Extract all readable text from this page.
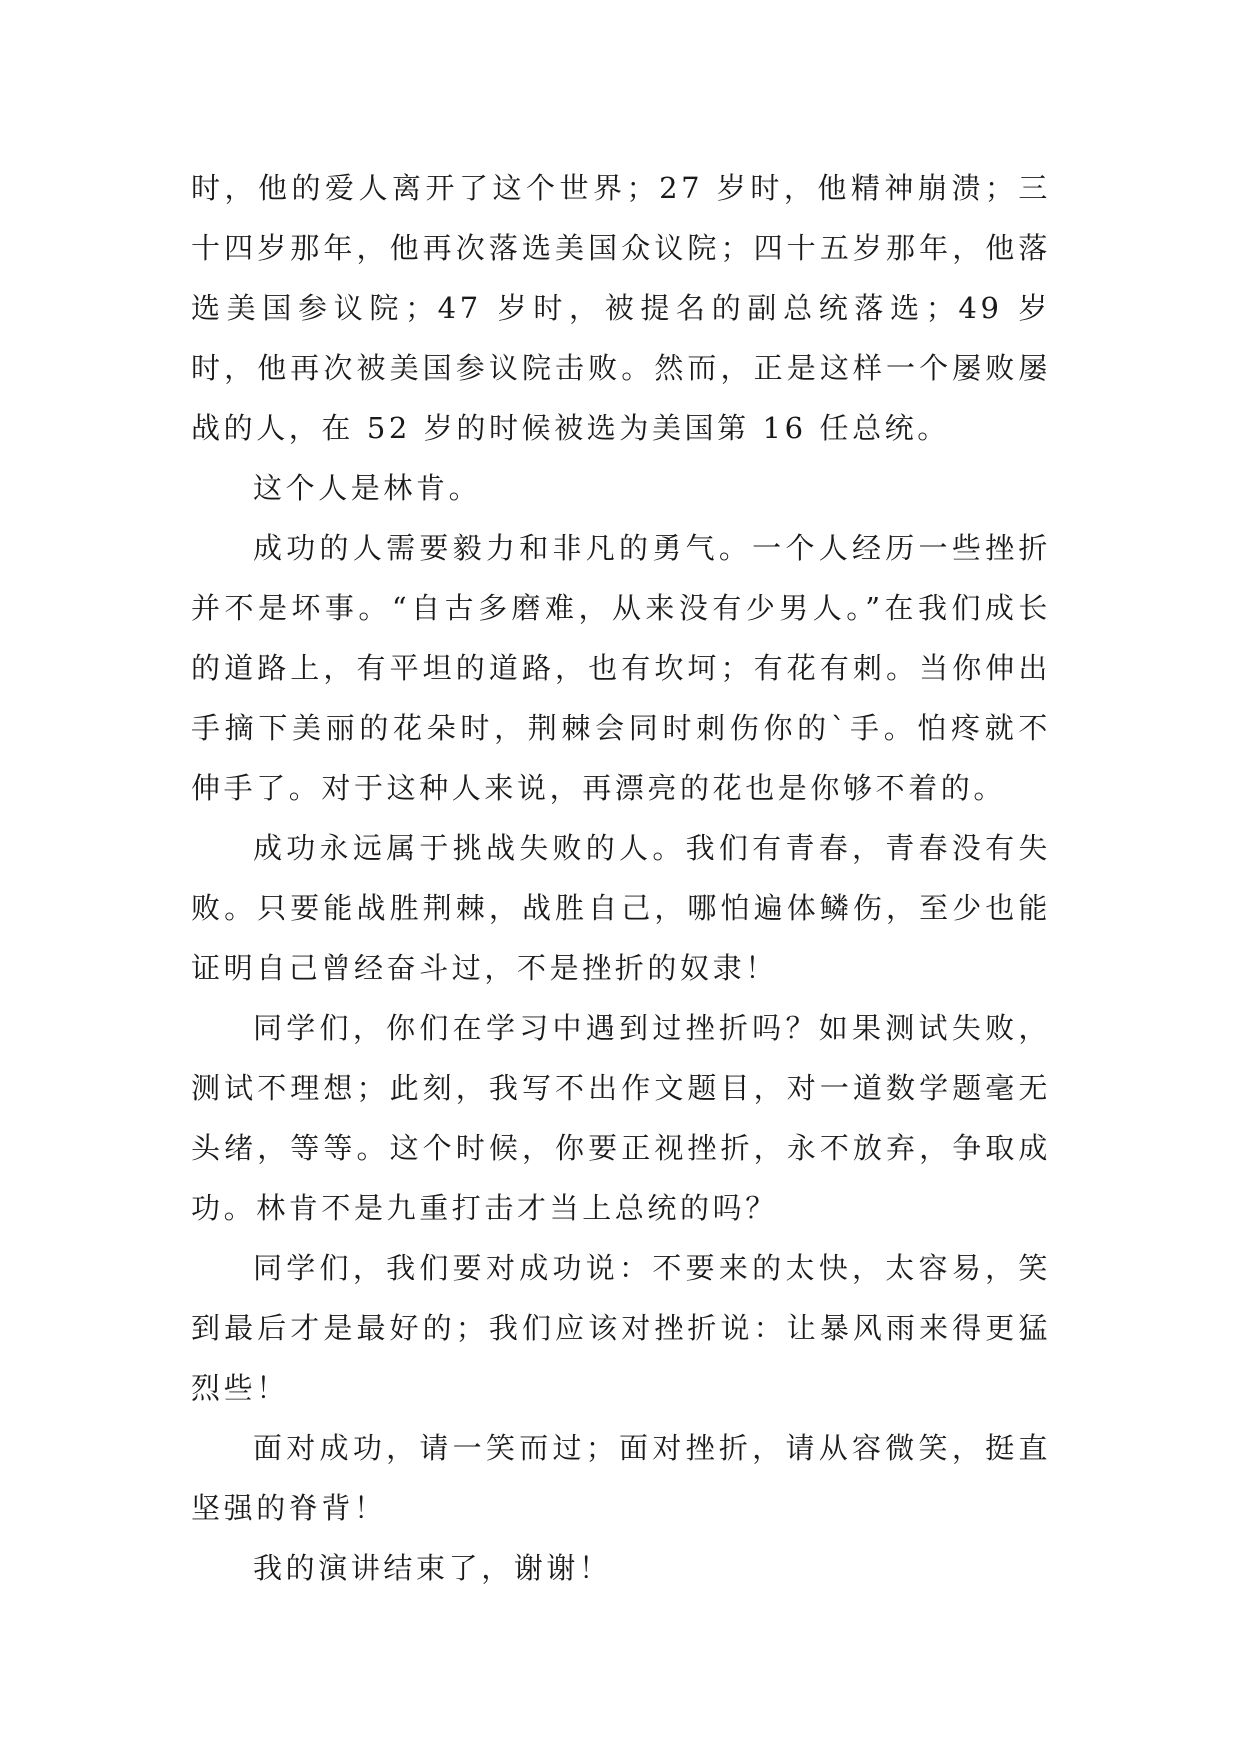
时，他的爱人离开了这个世界；27 岁时，他精神崩溃；三十四岁那年，他再次落选美国众议院；四十五岁那年，他落选美国参议院；47 岁时，被提名的副总统落选；49 岁时，他再次被美国参议院击败。然而，正是这样一个屡败屡战的人，在 52 岁的时候被选为美国第 16 任总统。

这个人是林肯。

成功的人需要毅力和非凡的勇气。一个人经历一些挫折并不是坏事。“自古多磨难，从来没有少男人。”在我们成长的道路上，有平坦的道路，也有坎坷；有花有刺。当你伸出手摘下美丽的花朵时，荆棘会同时刺伤你的`手。怕疼就不伸手了。对于这种人来说，再漂亮的花也是你够不着的。

成功永远属于挑战失败的人。我们有青春，青春没有失败。只要能战胜荆棘，战胜自己，哪怕遍体鳞伤，至少也能证明自己曾经奋斗过，不是挫折的奴隶！

同学们，你们在学习中遇到过挫折吗？如果测试失败，测试不理想；此刻，我写不出作文题目，对一道数学题毫无头绪，等等。这个时候，你要正视挫折，永不放弃，争取成功。林肯不是九重打击才当上总统的吗？

同学们，我们要对成功说：不要来的太快，太容易，笑到最后才是最好的；我们应该对挫折说：让暴风雨来得更猛烈些！

面对成功，请一笑而过；面对挫折，请从容微笑，挺直坚强的脊背！

我的演讲结束了，谢谢！
